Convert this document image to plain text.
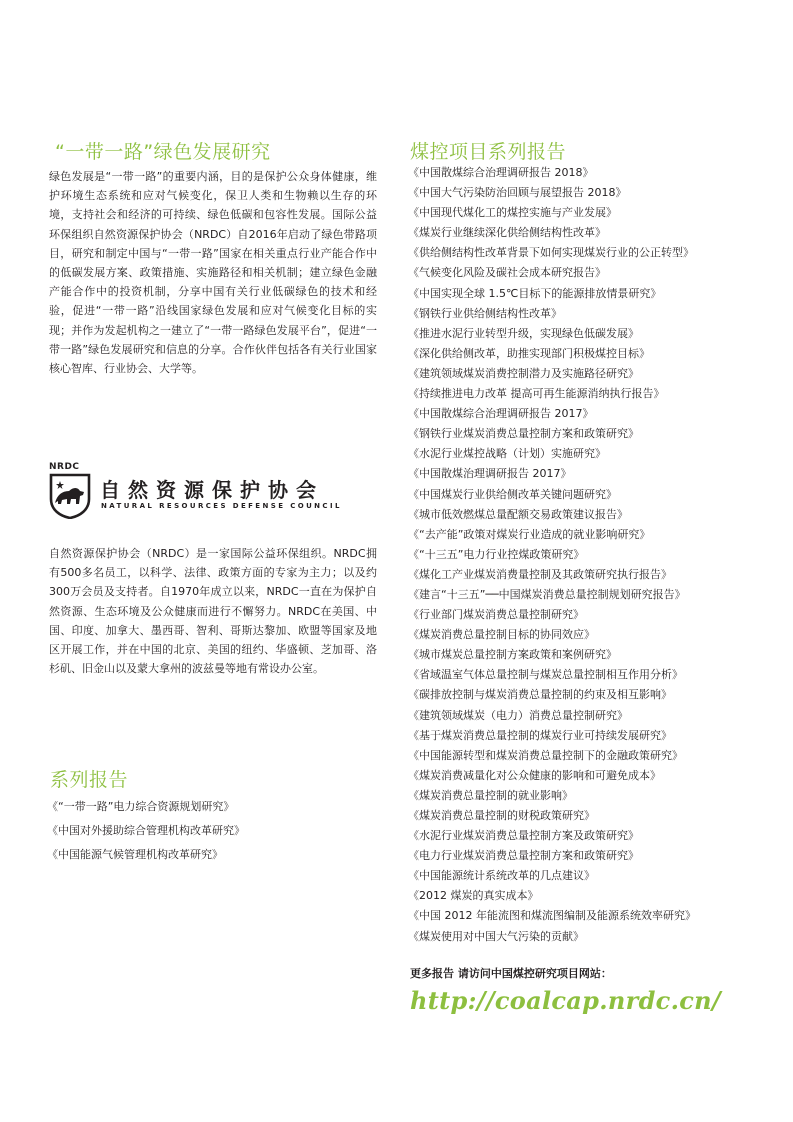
“一带一路”绿色发展研究

绿色发展是“一带一路”的重要内涵，目的是保护公众身体健康，维护环境生态系统和应对气候变化，保卫人类和生物赖以生存的环境，支持社会和经济的可持续、绿色低碳和包容性发展。国际公益环保组织自然资源保护协会（NRDC）自2016年启动了绿色带路项目，研究和制定中国与“一带一路”国家在相关重点行业产能合作中的低碳发展方案、政策措施、实施路径和相关机制；建立绿色金融产能合作中的投资机制，分享中国有关行业低碳绿色的技术和经验，促进“一带一路”沿线国家绿色发展和应对气候变化目标的实现；并作为发起机构之一建立了“一带一路绿色发展平台”，促进“一带一路”绿色发展研究和信息的分享。合作伙伴包括各有关行业国家核心智库、行业协会、大学等。

NRDC
自然资源保护协会
NATURAL RESOURCES DEFENSE COUNCIL

自然资源保护协会（NRDC）是一家国际公益环保组织。NRDC拥有500多名员工，以科学、法律、政策方面的专家为主力；以及约300万会员及支持者。自1970年成立以来，NRDC一直在为保护自然资源、生态环境及公众健康而进行不懈努力。NRDC在美国、中国、印度、加拿大、墨西哥、智利、哥斯达黎加、欧盟等国家及地区开展工作，并在中国的北京、美国的纽约、华盛顿、芝加哥、洛杉矶、旧金山以及蒙大拿州的波兹曼等地有常设办公室。

系列报告
《“一带一路”电力综合资源规划研究》
《中国对外援助综合管理机构改革研究》
《中国能源气候管理机构改革研究》
煤控项目系列报告
《中国散煤综合治理调研报告 2018》
《中国大气污染防治回顾与展望报告 2018》
《中国现代煤化工的煤控实施与产业发展》
《煤炭行业继续深化供给侧结构性改革》
《供给侧结构性改革背景下如何实现煤炭行业的公正转型》
《气候变化风险及碳社会成本研究报告》
《中国实现全球 1.5℃目标下的能源排放情景研究》
《钢铁行业供给侧结构性改革》
《推进水泥行业转型升级，实现绿色低碳发展》
《深化供给侧改革，助推实现部门积极煤控目标》
《建筑领域煤炭消费控制潜力及实施路径研究》
《持续推进电力改革 提高可再生能源消纳执行报告》
《中国散煤综合治理调研报告 2017》
《钢铁行业煤炭消费总量控制方案和政策研究》
《水泥行业煤控战略（计划）实施研究》
《中国散煤治理调研报告 2017》
《中国煤炭行业供给侧改革关键问题研究》
《城市低效燃煤总量配额交易政策建议报告》
《“去产能”政策对煤炭行业造成的就业影响研究》
《“十三五”电力行业控煤政策研究》
《煤化工产业煤炭消费量控制及其政策研究执行报告》
《建言“十三五”──中国煤炭消费总量控制规划研究报告》
《行业部门煤炭消费总量控制研究》
《煤炭消费总量控制目标的协同效应》
《城市煤炭总量控制方案政策和案例研究》
《省域温室气体总量控制与煤炭总量控制相互作用分析》
《碳排放控制与煤炭消费总量控制的约束及相互影响》
《建筑领域煤炭（电力）消费总量控制研究》
《基于煤炭消费总量控制的煤炭行业可持续发展研究》
《中国能源转型和煤炭消费总量控制下的金融政策研究》
《煤炭消费减量化对公众健康的影响和可避免成本》
《煤炭消费总量控制的就业影响》
《煤炭消费总量控制的财税政策研究》
《水泥行业煤炭消费总量控制方案及政策研究》
《电力行业煤炭消费总量控制方案和政策研究》
《中国能源统计系统改革的几点建议》
《2012 煤炭的真实成本》
《中国 2012 年能流图和煤流图编制及能源系统效率研究》
《煤炭使用对中国大气污染的贡献》

更多报告 请访问中国煤控研究项目网站：

http://coalcap.nrdc.cn/
